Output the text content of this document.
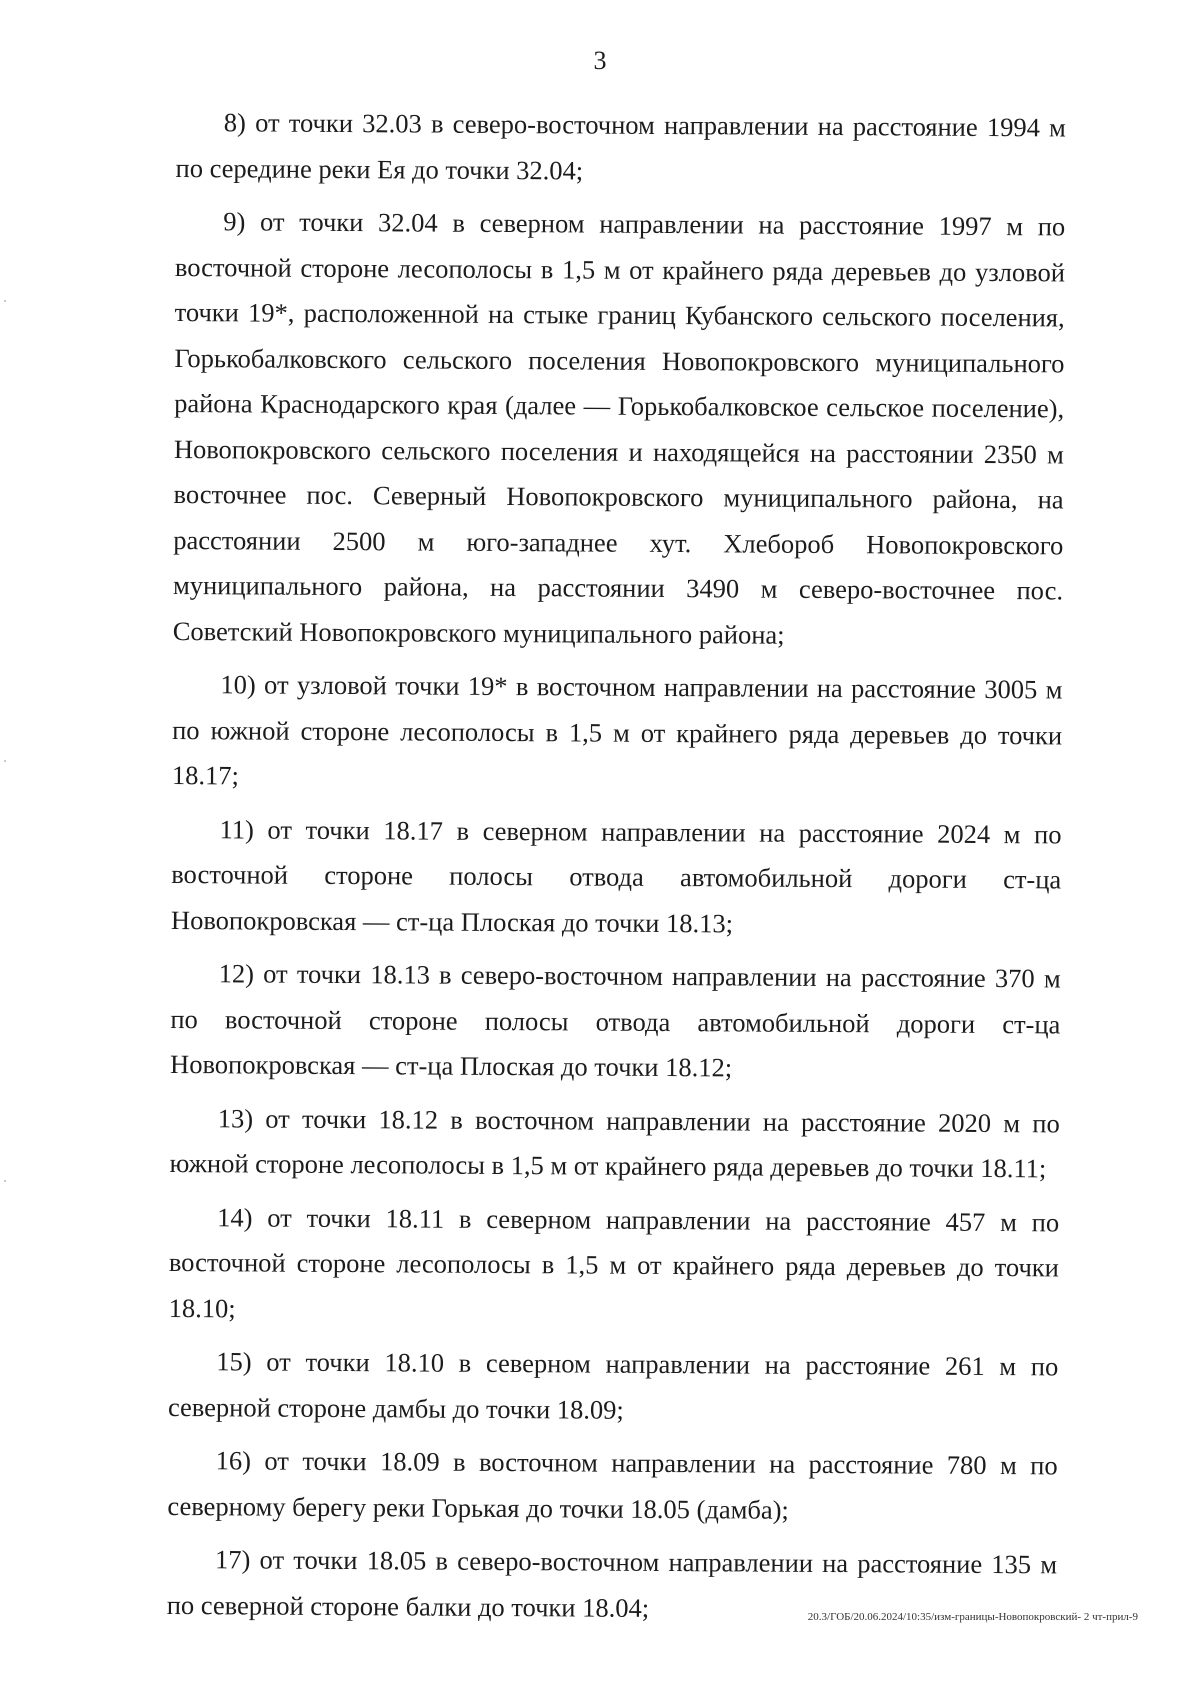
3

8) от точки 32.03 в северо-восточном направлении на расстояние 1994 м по середине реки Ея до точки 32.04;

9) от точки 32.04 в северном направлении на расстояние 1997 м по восточной стороне лесополосы в 1,5 м от крайнего ряда деревьев до узловой точки 19*, расположенной на стыке границ Кубанского сельского поселения, Горькобалковского сельского поселения Новопокровского муниципального района Краснодарского края (далее — Горькобалковское сельское поселение), Новопокровского сельского поселения и находящейся на расстоянии 2350 м восточнее пос. Северный Новопокровского муниципального района, на расстоянии 2500 м юго-западнее хут. Хлебороб Новопокровского муниципального района, на расстоянии 3490 м северо-восточнее пос. Советский Новопокровского муниципального района;

10) от узловой точки 19* в восточном направлении на расстояние 3005 м по южной стороне лесополосы в 1,5 м от крайнего ряда деревьев до точки 18.17;

11) от точки 18.17 в северном направлении на расстояние 2024 м по восточной стороне полосы отвода автомобильной дороги ст-ца Новопокровская — ст-ца Плоская до точки 18.13;

12) от точки 18.13 в северо-восточном направлении на расстояние 370 м по восточной стороне полосы отвода автомобильной дороги ст-ца Новопокровская — ст-ца Плоская до точки 18.12;

13) от точки 18.12 в восточном направлении на расстояние 2020 м по южной стороне лесополосы в 1,5 м от крайнего ряда деревьев до точки 18.11;

14) от точки 18.11 в северном направлении на расстояние 457 м по восточной стороне лесополосы в 1,5 м от крайнего ряда деревьев до точки 18.10;

15) от точки 18.10 в северном направлении на расстояние 261 м по северной стороне дамбы до точки 18.09;

16) от точки 18.09 в восточном направлении на расстояние 780 м по северному берегу реки Горькая до точки 18.05 (дамба);

17) от точки 18.05 в северо-восточном направлении на расстояние 135 м по северной стороне балки до точки 18.04;	20.3/ГОБ/20.06.2024/10:35/изм-границы-Новопокровский- 2 чт-прил-9
